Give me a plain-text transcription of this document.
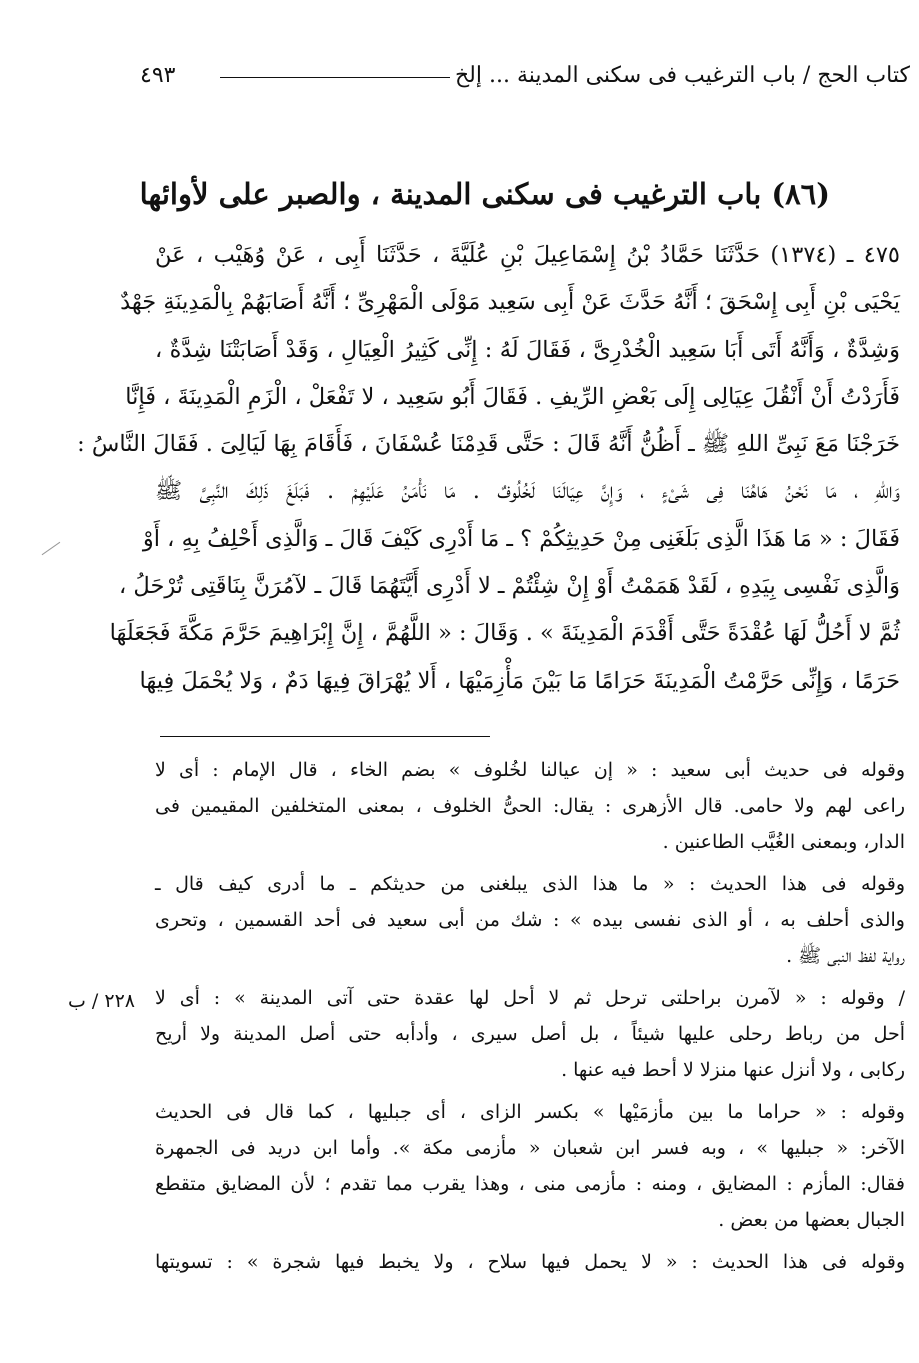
كتاب الحج / باب الترغيب فى سكنى المدينة ... إلخ
٤٩٣
(٨٦) باب الترغيب فى سكنى المدينة ، والصبر على لأوائها
٤٧٥ ـ (١٣٧٤) حَدَّثَنَا حَمَّادُ بْنُ إِسْمَاعِيلَ بْنِ عُلَيَّةَ ، حَدَّثَنَا أَبِى ، عَنْ وُهَيْب ، عَنْ
يَحْيَى بْنِ أَبِى إِسْحَقَ ؛ أَنَّهُ حَدَّثَ عَنْ أَبِى سَعِيد مَوْلَى الْمَهْرِىِّ ؛ أَنَّهُ أَصَابَهُمْ بِالْمَدِينَةِ جَهْدٌ
وَشِدَّةٌ ، وَأَنَّهُ أَتَى أَبَا سَعِيد الْخُدْرِىَّ ، فَقَالَ لَهُ : إِنِّى كَثِيرُ الْعِيَالِ ، وَقَدْ أَصَابَتْنَا شِدَّةٌ ،
فَأَرَدْتُ أَنْ أَنْقُلَ عِيَالِى إِلَى بَعْضِ الرِّيفِ . فَقَالَ أَبُو سَعِيد ، لا تَفْعَلْ ، الْزَمِ الْمَدِينَةَ ، فَإِنَّا
خَرَجْنَا مَعَ نَبِىِّ اللهِ ﷺ ـ أَظُنُّ أَنَّهُ قَالَ : حَتَّى قَدِمْنَا عُسْفَانَ ، فَأَقَامَ بِهَا لَيَالِىَ . فَقَالَ النَّاسُ :
وَاللهِ ، مَا نَحْنُ هَاهُنَا فِى شَىْءٍ ، وَإِنَّ عِيَالَنَا لَخُلُوفٌ . مَا نَأْمَنُ عَلَيْهِمْ . فَبَلَغَ ذَلِكَ النَّبِىَّ ﷺ
فَقَالَ : « مَا هَذَا الَّذِى بَلَغَنِى مِنْ حَدِيثِكُمْ ؟ ـ مَا أَدْرِى كَيْفَ قَالَ ـ وَالَّذِى أَحْلِفُ بِهِ ، أَوْ
وَالَّذِى نَفْسِى بِيَدِهِ ، لَقَدْ هَمَمْتُ أَوْ إِنْ شِئْتُمْ ـ لا أَدْرِى أَيَّتَهُمَا قَالَ ـ لآمُرَنَّ بِنَاقَتِى تُرْحَلُ ،
ثُمَّ لا أَحُلُّ لَهَا عُقْدَةً حَتَّى أَقْدَمَ الْمَدِينَةَ » . وَقَالَ : « اللَّهُمَّ ، إِنَّ إِبْرَاهِيمَ حَرَّمَ مَكَّةَ فَجَعَلَهَا
حَرَمًا ، وَإِنِّى حَرَّمْتُ الْمَدِينَةَ حَرَامًا مَا بَيْنَ مَأْزِمَيْهَا ، أَلا يُهْرَاقَ فِيهَا دَمٌ ، وَلا يُحْمَلَ فِيهَا
وقوله فى حديث أبى سعيد : « إن عيالنا لخُلوف » بضم الخاء ، قال الإمام : أى لا
راعى لهم ولا حامى. قال الأزهرى : يقال: الحىُّ الخلوف ، بمعنى المتخلفين المقيمين فى
الدار، وبمعنى الغُيَّب الطاعنين .
وقوله فى هذا الحديث : « ما هذا الذى يبلغنى من حديثكم ـ ما أدرى كيف قال ـ
والذى أحلف به ، أو الذى نفسى بيده » : شك من أبى سعيد فى أحد القسمين ، وتحرى
رواية لفظ النبى ﷺ .
/ وقوله : « لآمرن براحلتى ترحل ثم لا أحل لها عقدة حتى آتى المدينة » : أى لا
أحل من رباط رحلى عليها شيئاً ، بل أصل سيرى ، وأدأبه حتى أصل المدينة ولا أريح
ركابى ، ولا أنزل عنها منزلا لا أحط فيه عنها .
وقوله : « حراما ما بين مأزمَيْها » بكسر الزاى ، أى جبليها ، كما قال فى الحديث
الآخر: « جبليها » ، وبه فسر ابن شعبان « مأزمى مكة ». وأما ابن دريد فى الجمهرة
فقال: المأزم : المضايق ، ومنه : مأزمى منى ، وهذا يقرب مما تقدم ؛ لأن المضايق متقطع
الجبال بعضها من بعض .
وقوله فى هذا الحديث : « لا يحمل فيها سلاح ، ولا يخبط فيها شجرة » : تسويتها
٢٢٨ / ب
